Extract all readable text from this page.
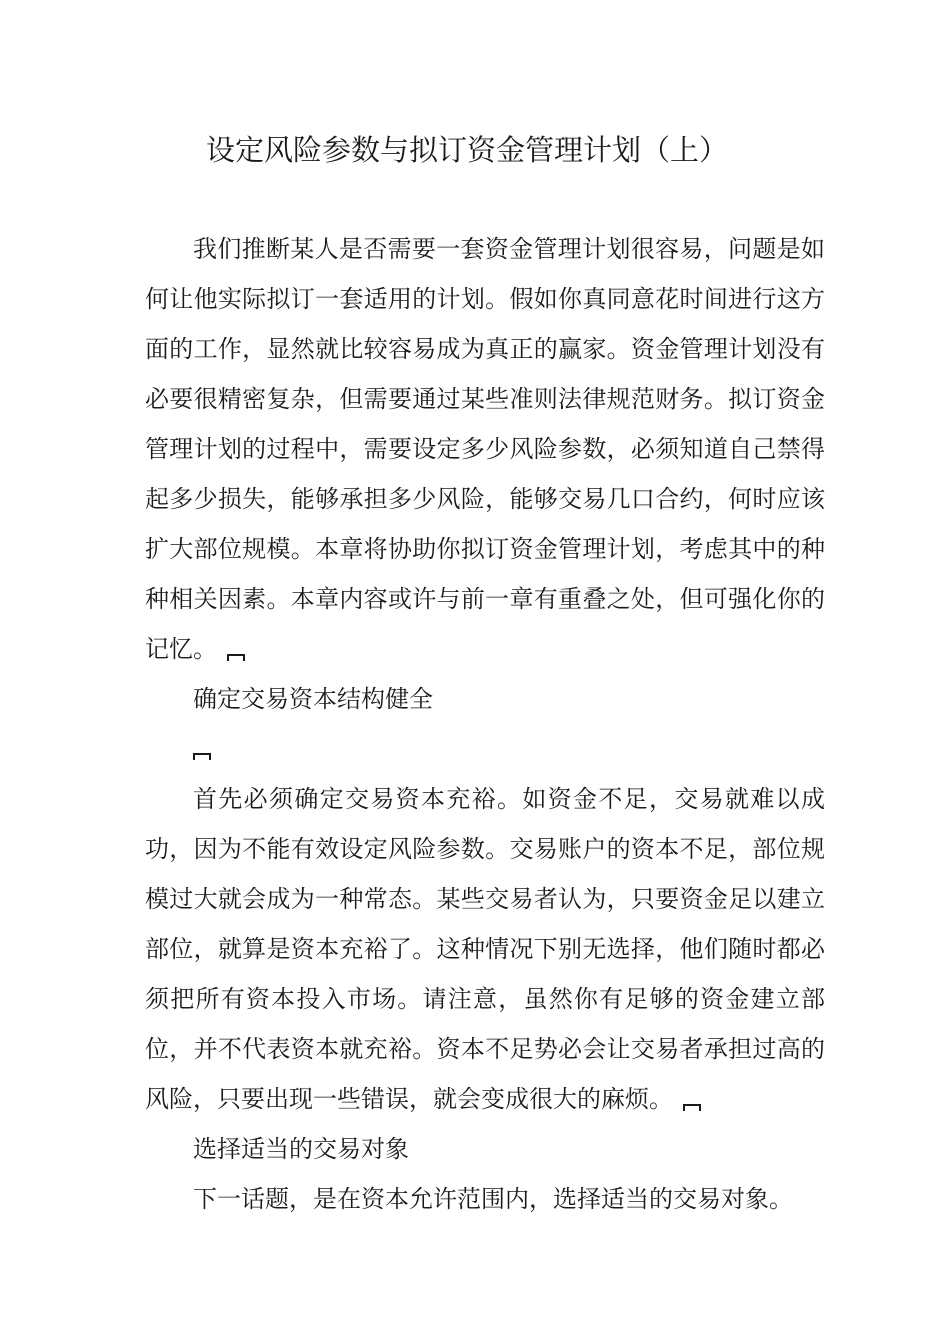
设定风险参数与拟订资金管理计划（上）

我们推断某人是否需要一套资金管理计划很容易，问题是如何让他实际拟订一套适用的计划。假如你真同意花时间进行这方面的工作，显然就比较容易成为真正的赢家。资金管理计划没有必要很精密复杂，但需要通过某些准则法律规范财务。拟订资金管理计划的过程中，需要设定多少风险参数，必须知道自己禁得起多少损失，能够承担多少风险，能够交易几口合约，何时应该扩大部位规模。本章将协助你拟订资金管理计划，考虑其中的种种相关因素。本章内容或许与前一章有重叠之处，但可强化你的记忆。

确定交易资本结构健全

首先必须确定交易资本充裕。如资金不足，交易就难以成功，因为不能有效设定风险参数。交易账户的资本不足，部位规模过大就会成为一种常态。某些交易者认为，只要资金足以建立部位，就算是资本充裕了。这种情况下别无选择，他们随时都必须把所有资本投入市场。请注意，虽然你有足够的资金建立部位，并不代表资本就充裕。资本不足势必会让交易者承担过高的风险，只要出现一些错误，就会变成很大的麻烦。

选择适当的交易对象

下一话题，是在资本允许范围内，选择适当的交易对象。
